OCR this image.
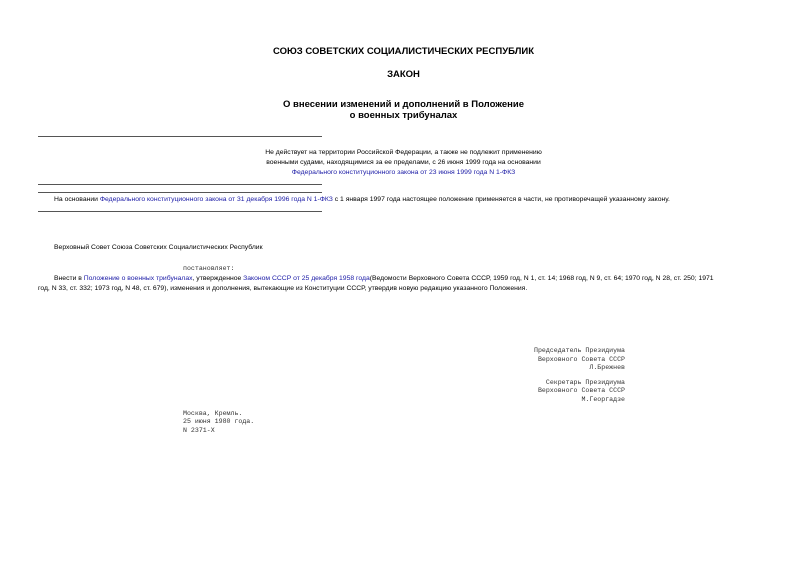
СОЮЗ СОВЕТСКИХ СОЦИАЛИСТИЧЕСКИХ РЕСПУБЛИК
ЗАКОН
О внесении изменений и дополнений в Положение
о военных трибуналах
Не действует на территории Российской Федерации, а также не подлежит применению
военными судами, находящимися за ее пределами, с 26 июня 1999 года на основании
Федерального конституционного закона от 23 июня 1999 года N 1-ФКЗ
На основании Федерального конституционного закона от 31 декабря 1996 года N 1-ФКЗ с 1 января 1997 года настоящее положение применяется в части, не противоречащей указанному закону.
Верховный Совет Союза Советских Социалистических Республик
постановляет:
Внести в Положение о военных трибуналах, утвержденное Законом СССР от 25 декабря 1958 года(Ведомости Верховного Совета СССР, 1959 год, N 1, ст. 14; 1968 год, N 9, ст. 64; 1970 год, N 28, ст. 250; 1971
год, N 33, ст. 332; 1973 год, N 48, ст. 679), изменения и дополнения, вытекающие из Конституции СССР, утвердив новую редакцию указанного Положения.
Председатель Президиума
Верховного Совета СССР
Л.Брежнев
Секретарь Президиума
Верховного Совета СССР
М.Георгадзе
Москва, Кремль.
25 июня 1980 года.
N 2371-X
